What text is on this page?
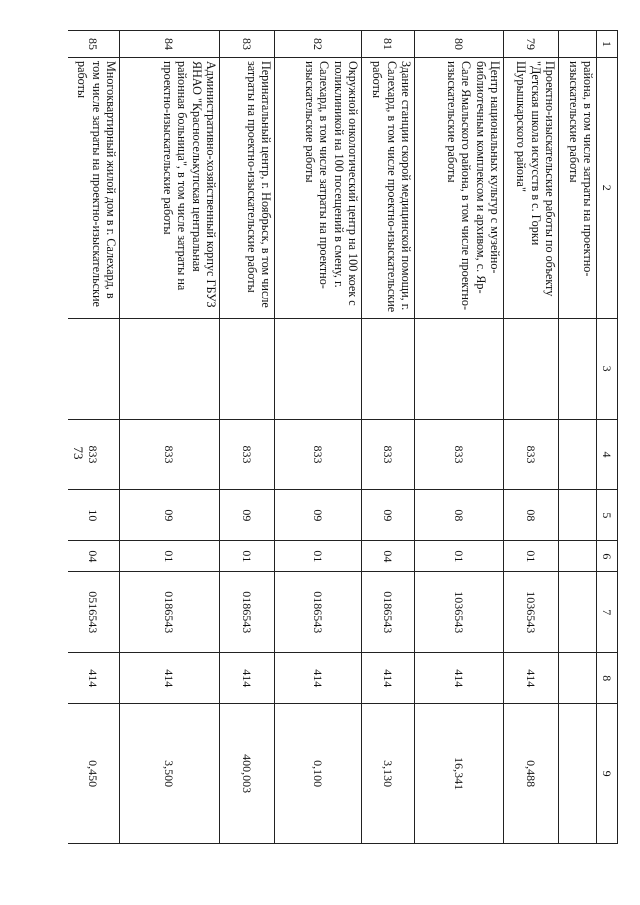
73
1
2
3
4
5
6
7
8
9
района, в том числе затраты на проектно-изыскательские работы
79
Проектно-изыскательские работы по объекту "Детская школа искусств в с. Горки Шурышкарского района"
833
08
01
1036543
414
0,488
80
Центр национальных культур с музейно-библиотечным комплексом и архивом, с. Яр-Сале Ямальского района, в том числе проектно-изыскательские работы
833
08
01
1036543
414
16,341
81
Здание станции скорой медицинской помощи, г. Салехард, в том числе проектно-изыскательские работы
833
09
04
0186543
414
3,130
82
Окружной онкологический центр на 100 коек с поликлиникой на 100 посещений в смену, г. Салехард, в том числе затраты на проектно-изыскательские работы
833
09
01
0186543
414
0,100
83
Перинатальный центр, г. Ноябрьск, в том числе затраты на проектно-изыскательские работы
833
09
01
0186543
414
400,003
84
Административно-хозяйственный корпус ГБУЗ ЯНАО "Красноселькупская центральная районная больница", в том числе затраты на проектно-изыскательские работы
833
09
01
0186543
414
3,500
85
Многоквартирный жилой дом в г. Салехард, в том числе затраты на проектно-изыскательские работы
833
10
04
0516543
414
0,450
